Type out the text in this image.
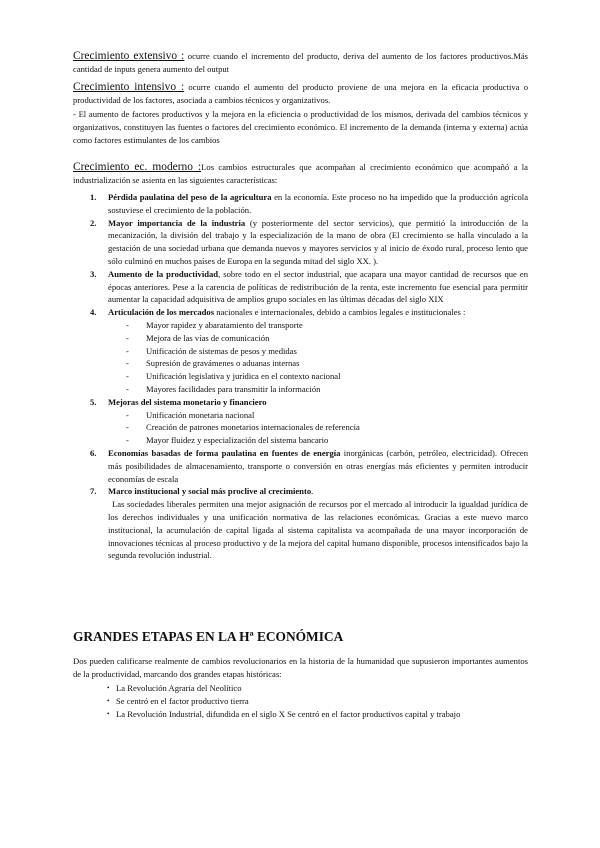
Crecimiento extensivo : ocurre cuando el incremento del producto, deriva del aumento de los factores productivos.Más cantidad de inputs genera aumento del output
Crecimiento intensivo : ocurre cuando el aumento del producto proviene de una mejora en la eficacia productiva o productividad de los factores, asociada a cambios técnicos y organizativos.
- El aumento de factores productivos y la mejora en la eficiencia o productividad de los mismos, derivada del cambios técnicos y organizativos, constituyen las fuentes o factores del crecimiento económico. El incremento de la demanda (interna y externa) actúa como factores estimulantes de los cambios
Crecimiento ec. moderno :Los cambios estructurales que acompañan al crecimiento económico que acompañó a la industrialización se asienta en las siguientes características:
1. Pérdida paulatina del peso de la agricultura en la economía. Este proceso no ha impedido que la producción agrícola sostuviese el crecimiento de la población.
2. Mayor importancia de la industria (y posteriormente del sector servicios), que permitió la introducción de la mecanización, la división del trabajo y la especialización de la mano de obra (El crecimiento se halla vinculado a la gestación de una sociedad urbana que demanda nuevos y mayores servicios y al inicio de éxodo rural, proceso lento que sólo culminó en muchos países de Europa en la segunda mitad del siglo XX. ).
3. Aumento de la productividad, sobre todo en el sector industrial, que acapara una mayor cantidad de recursos que en épocas anteriores. Pese a la carencia de políticas de redistribución de la renta, este incremento fue esencial para permitir aumentar la capacidad adquisitiva de amplios grupo sociales en las últimas décadas del siglo XIX
4. Articulación de los mercados nacionales e internacionales, debido a cambios legales e institucionales :
- Mayor rapidez y abaratamiento del transporte
- Mejora de las vías de comunicación
- Unificación de sistemas de pesos y medidas
- Supresión de gravámenes o aduanas internas
- Unificación legislativa y jurídica en el contexto nacional
- Mayores facilidades para transmitir la información
5. Mejoras del sistema monetario y financiero
- Unificación monetaria nacional
- Creación de patrones monetarios internacionales de referencia
- Mayor fluidez y especialización del sistema bancario
6. Economías basadas de forma paulatina en fuentes de energía inorgánicas (carbón, petróleo, electricidad). Ofrecen más posibilidades de almacenamiento, transporte o conversión en otras energías más eficientes y permiten introducir economías de escala
7. Marco institucional y social más proclive al crecimiento.
Las sociedades liberales permiten una mejor asignación de recursos por el mercado al introducir la igualdad jurídica de los derechos individuales y una unificación normativa de las relaciones económicas. Gracias a este nuevo marco institucional, la acumulación de capital ligada al sistema capitalista va acompañada de una mayor incorporación de innovaciones técnicas al proceso productivo y de la mejora del capital humano disponible, procesos intensificados bajo la segunda revolución industrial.
GRANDES ETAPAS EN LA Hª ECONÓMICA
Dos pueden calificarse realmente de cambios revolucionarios en la historia de la humanidad que supusieron importantes aumentos de la productividad, marcando dos grandes etapas históricas:
• La Revolución Agraria del Neolítico
• Se centró en el factor productivo tierra
• La Revolución Industrial, difundida en el siglo X Se centró en el factor productivos capital y trabajo
